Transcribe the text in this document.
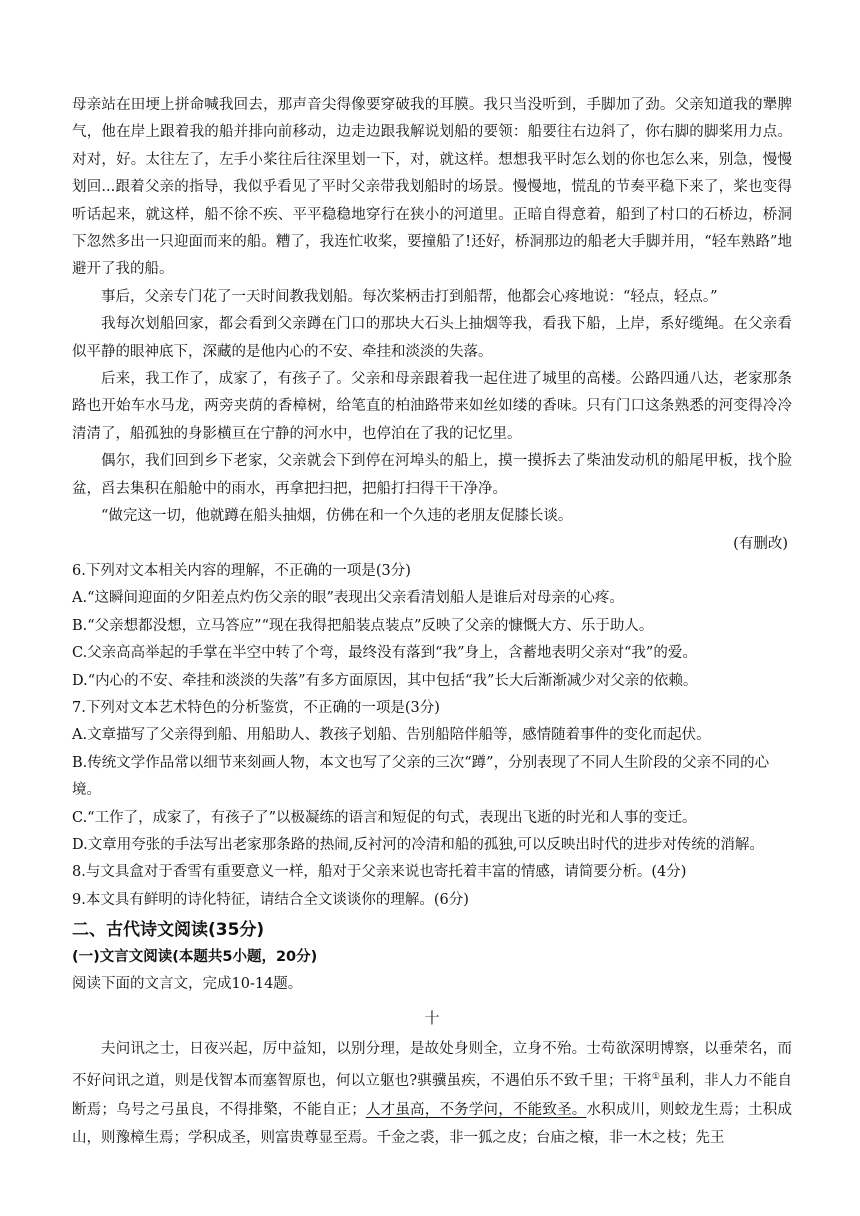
母亲站在田埂上拼命喊我回去，那声音尖得像要穿破我的耳膜。我只当没听到，手脚加了劲。父亲知道我的犟脾气，他在岸上跟着我的船并排向前移动，边走边跟我解说划船的要领：船要往右边斜了，你右脚的脚桨用力点。对对，好。太往左了，左手小桨往后往深里划一下，对，就这样。想想我平时怎么划的你也怎么来，别急，慢慢划回...跟着父亲的指导，我似乎看见了平时父亲带我划船时的场景。慢慢地，慌乱的节奏平稳下来了，桨也变得听话起来，就这样，船不徐不疾、平平稳稳地穿行在狭小的河道里。正暗自得意着，船到了村口的石桥边，桥洞下忽然多出一只迎面而来的船。糟了，我连忙收桨，要撞船了!还好，桥洞那边的船老大手脚并用，“轻车熟路”地避开了我的船。

事后，父亲专门花了一天时间教我划船。每次桨柄击打到船帮，他都会心疼地说：“轻点，轻点。”

我每次划船回家，都会看到父亲蹲在门口的那块大石头上抽烟等我，看我下船，上岸，系好缆绳。在父亲看似平静的眼神底下，深藏的是他内心的不安、牵挂和淡淡的失落。

后来，我工作了，成家了，有孩子了。父亲和母亲跟着我一起住进了城里的高楼。公路四通八达，老家那条路也开始车水马龙，两旁夹荫的香樟树，给笔直的柏油路带来如丝如缕的香味。只有门口这条熟悉的河变得冷冷清清了，船孤独的身影横亘在宁静的河水中，也停泊在了我的记忆里。

偶尔，我们回到乡下老家，父亲就会下到停在河埠头的船上，摸一摸拆去了柴油发动机的船尾甲板，找个脸盆，舀去集积在船舱中的雨水，再拿把扫把，把船打扫得干干净净。

“做完这一切，他就蹲在船头抽烟，仿佛在和一个久违的老朋友促膝长谈。

(有删改)

6.下列对文本相关内容的理解，不正确的一项是(3分)

A.“这瞬间迎面的夕阳差点灼伤父亲的眼”表现出父亲看清划船人是谁后对母亲的心疼。

B.“父亲想都没想，立马答应”“现在我得把船装点装点”反映了父亲的慷慨大方、乐于助人。

C.父亲高高举起的手掌在半空中转了个弯，最终没有落到“我”身上，含蓄地表明父亲对“我”的爱。

D.“内心的不安、牵挂和淡淡的失落”有多方面原因，其中包括“我”长大后渐渐减少对父亲的依赖。

7.下列对文本艺术特色的分析鉴赏，不正确的一项是(3分)

A.文章描写了父亲得到船、用船助人、教孩子划船、告别船陪伴船等，感情随着事件的变化而起伏。

B.传统文学作品常以细节来刻画人物，本文也写了父亲的三次“蹲”，分别表现了不同人生阶段的父亲不同的心境。

C.“工作了，成家了，有孩子了”以极凝练的语言和短促的句式，表现出飞逝的时光和人事的变迁。

D.文章用夸张的手法写出老家那条路的热闹,反衬河的冷清和船的孤独,可以反映出时代的进步对传统的消解。

8.与文具盒对于香雪有重要意义一样，船对于父亲来说也寄托着丰富的情感，请简要分析。(4分)

9.本文具有鲜明的诗化特征，请结合全文谈谈你的理解。(6分)

二、古代诗文阅读(35分)

(一)文言文阅读(本题共5小题，20分)

阅读下面的文言文，完成10-14题。

十

夫问讯之士，日夜兴起，厉中益知，以别分理，是故处身则全，立身不殆。士苟欲深明博察，以垂荣名，而不好问讯之道，则是伐智本而塞智原也，何以立躯也?骐骥虽疾，不遇伯乐不致千里；干将①虽利，非人力不能自断焉；乌号之弓虽良，不得排檠，不能自正；人才虽高，不务学问，不能致圣。水积成川，则蛟龙生焉；土积成山，则豫樟生焉；学积成圣，则富贵尊显至焉。千金之裘，非一狐之皮；台庙之榱，非一木之枝；先王
